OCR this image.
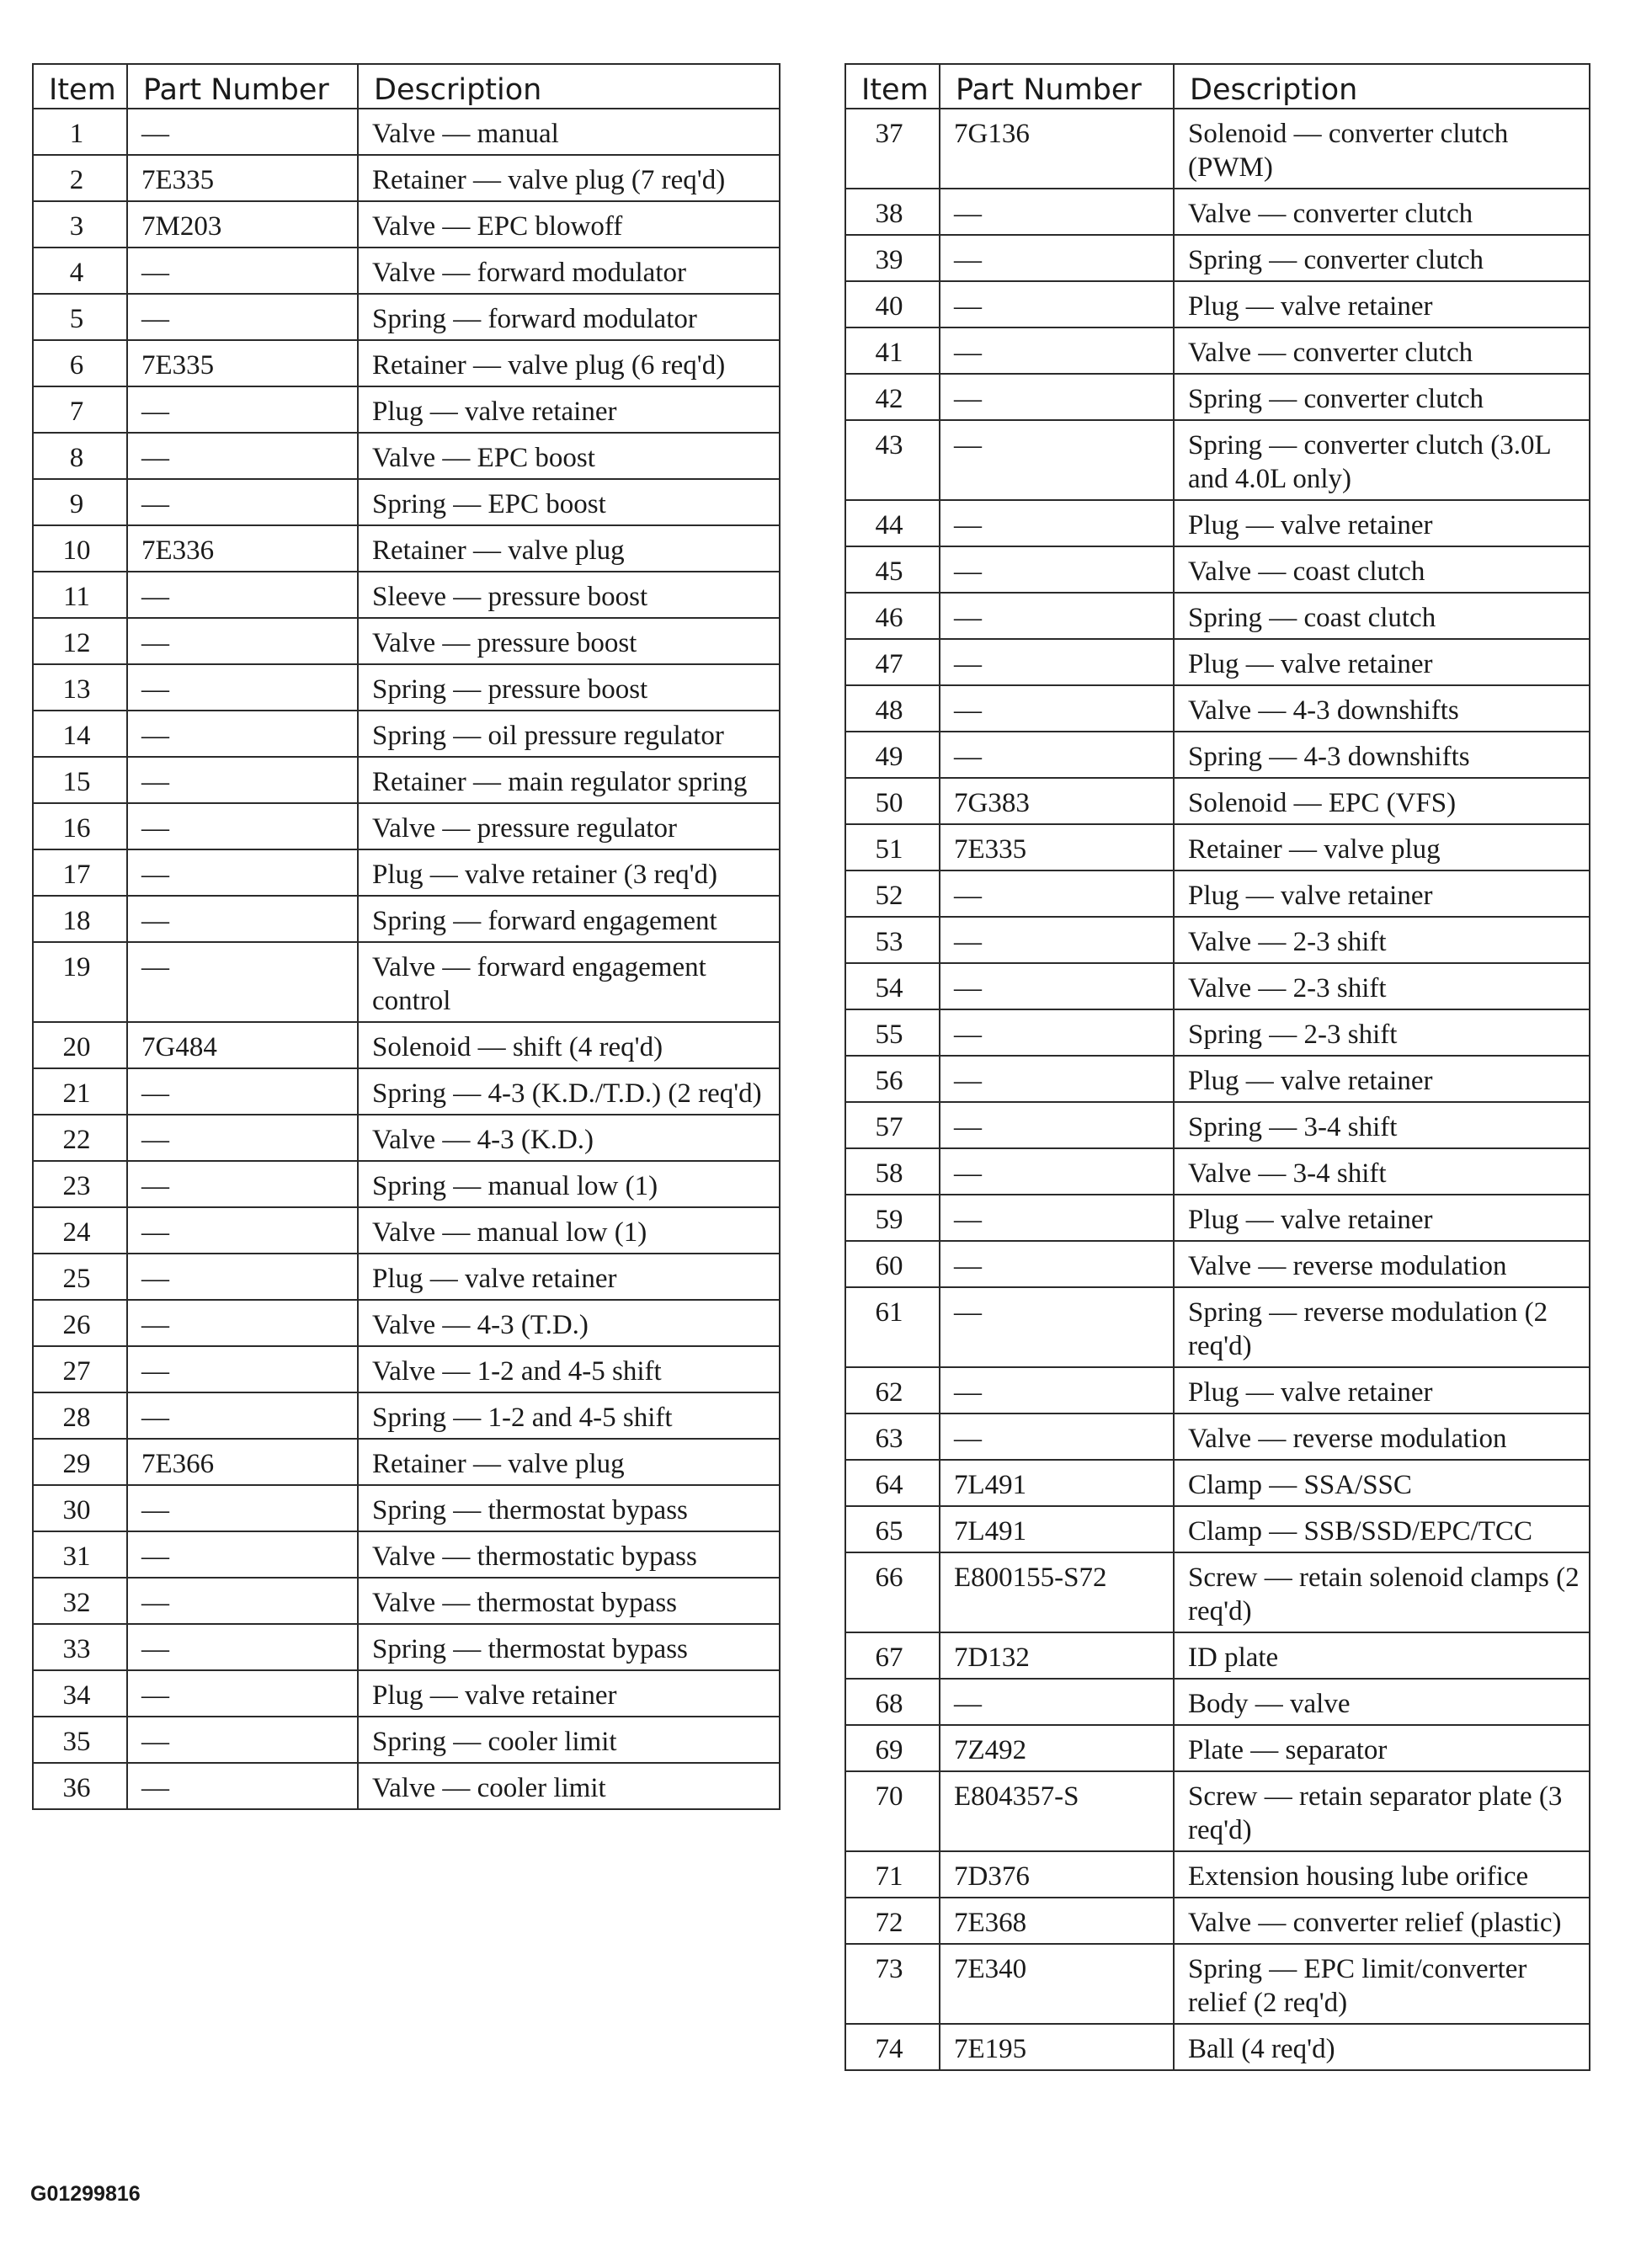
Item	Part Number	Description
1	—	Valve — manual
2	7E335	Retainer — valve plug (7 req'd)
3	7M203	Valve — EPC blowoff
4	—	Valve — forward modulator
5	—	Spring — forward modulator
6	7E335	Retainer — valve plug (6 req'd)
7	—	Plug — valve retainer
8	—	Valve — EPC boost
9	—	Spring — EPC boost
10	7E336	Retainer — valve plug
11	—	Sleeve — pressure boost
12	—	Valve — pressure boost
13	—	Spring — pressure boost
14	—	Spring — oil pressure regulator
15	—	Retainer — main regulator spring
16	—	Valve — pressure regulator
17	—	Plug — valve retainer (3 req'd)
18	—	Spring — forward engagement
19	—	Valve — forward engagement control
20	7G484	Solenoid — shift (4 req'd)
21	—	Spring — 4-3 (K.D./T.D.) (2 req'd)
22	—	Valve — 4-3 (K.D.)
23	—	Spring — manual low (1)
24	—	Valve — manual low (1)
25	—	Plug — valve retainer
26	—	Valve — 4-3 (T.D.)
27	—	Valve — 1-2 and 4-5 shift
28	—	Spring — 1-2 and 4-5 shift
29	7E366	Retainer — valve plug
30	—	Spring — thermostat bypass
31	—	Valve — thermostatic bypass
32	—	Valve — thermostat bypass
33	—	Spring — thermostat bypass
34	—	Plug — valve retainer
35	—	Spring — cooler limit
36	—	Valve — cooler limit
Item	Part Number	Description
37	7G136	Solenoid — converter clutch (PWM)
38	—	Valve — converter clutch
39	—	Spring — converter clutch
40	—	Plug — valve retainer
41	—	Valve — converter clutch
42	—	Spring — converter clutch
43	—	Spring — converter clutch (3.0L and 4.0L only)
44	—	Plug — valve retainer
45	—	Valve — coast clutch
46	—	Spring — coast clutch
47	—	Plug — valve retainer
48	—	Valve — 4-3 downshifts
49	—	Spring — 4-3 downshifts
50	7G383	Solenoid — EPC (VFS)
51	7E335	Retainer — valve plug
52	—	Plug — valve retainer
53	—	Valve — 2-3 shift
54	—	Valve — 2-3 shift
55	—	Spring — 2-3 shift
56	—	Plug — valve retainer
57	—	Spring — 3-4 shift
58	—	Valve — 3-4 shift
59	—	Plug — valve retainer
60	—	Valve — reverse modulation
61	—	Spring — reverse modulation (2 req'd)
62	—	Plug — valve retainer
63	—	Valve — reverse modulation
64	7L491	Clamp — SSA/SSC
65	7L491	Clamp — SSB/SSD/EPC/TCC
66	E800155-S72	Screw — retain solenoid clamps (2 req'd)
67	7D132	ID plate
68	—	Body — valve
69	7Z492	Plate — separator
70	E804357-S	Screw — retain separator plate (3 req'd)
71	7D376	Extension housing lube orifice
72	7E368	Valve — converter relief (plastic)
73	7E340	Spring — EPC limit/converter relief (2 req'd)
74	7E195	Ball (4 req'd)

G01299816
